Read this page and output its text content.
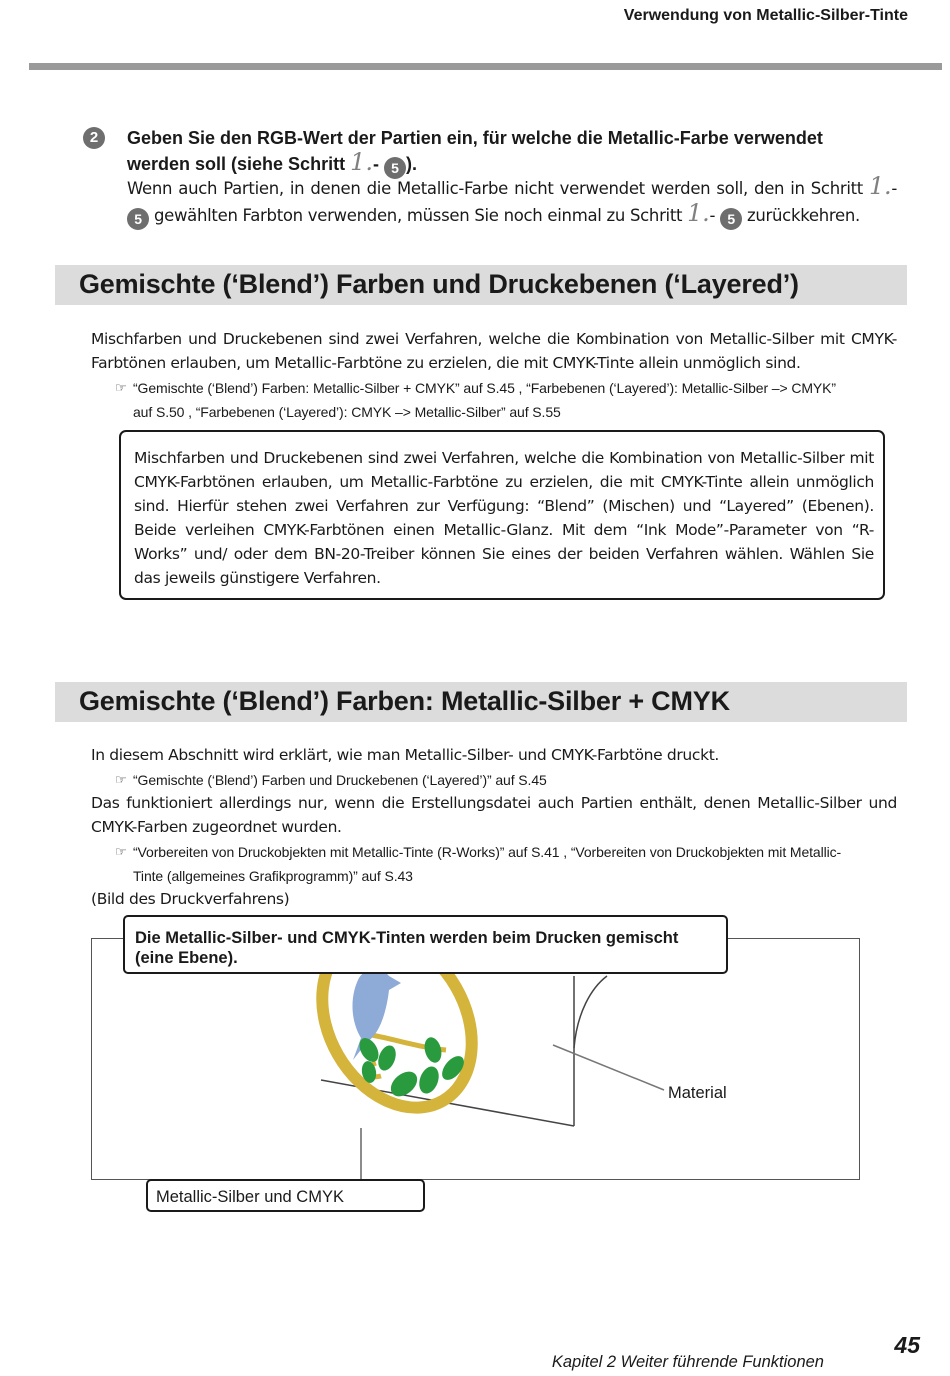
Verwendung von Metallic-Silber-Tinte
2	Geben Sie den RGB-Wert der Partien ein, für welche die Metallic-Farbe verwendet werden soll (siehe Schritt 1.- 5 ).
Wenn auch Partien, in denen die Metallic-Farbe nicht verwendet werden soll, den in Schritt 1.-5 gewählten Farbton verwenden, müssen Sie noch einmal zu Schritt 1.- 5 zurückkehren.
Gemischte (‘Blend’) Farben und Druckebenen (‘Layered’)
Mischfarben und Druckebenen sind zwei Verfahren, welche die Kombination von Metallic-Silber mit CMYK-Farbtönen erlauben, um Metallic-Farbtöne zu erzielen, die mit CMYK-Tinte allein unmöglich sind.
☞ “Gemischte (‘Blend’) Farben: Metallic-Silber + CMYK” auf S.45 , “Farbebenen (‘Layered’): Metallic-Silber –> CMYK”
auf S.50 , “Farbebenen (‘Layered’): CMYK –> Metallic-Silber” auf S.55
Mischfarben und Druckebenen sind zwei Verfahren, welche die Kombination von Metallic-Silber mit CMYK-Farbtönen erlauben, um Metallic-Farbtöne zu erzielen, die mit CMYK-Tinte allein unmöglich sind. Hierfür stehen zwei Verfahren zur Verfügung: “Blend” (Mischen) und “Layered” (Ebenen). Beide verleihen CMYK-Farbtönen einen Metallic-Glanz. Mit dem “Ink Mode”-Parameter von “R-Works” und/ oder dem BN-20-Treiber können Sie eines der beiden Verfahren wählen. Wählen Sie das jeweils günstigere Verfahren.
Gemischte (‘Blend’) Farben: Metallic-Silber + CMYK
In diesem Abschnitt wird erklärt, wie man Metallic-Silber- und CMYK-Farbtöne druckt.
☞ “Gemischte (‘Blend’) Farben und Druckebenen (‘Layered’)” auf S.45
Das funktioniert allerdings nur, wenn die Erstellungsdatei auch Partien enthält, denen Metallic-Silber und CMYK-Farben zugeordnet wurden.
☞ “Vorbereiten von Druckobjekten mit Metallic-Tinte (R-Works)” auf S.41 , “Vorbereiten von Druckobjekten mit Metallic-
Tinte (allgemeines Grafikprogramm)” auf S.43
(Bild des Druckverfahrens)
Die Metallic-Silber- und CMYK-Tinten werden beim Drucken gemischt (eine Ebene).
Material
Metallic-Silber und CMYK
Kapitel 2 Weiter führende Funktionen
45
